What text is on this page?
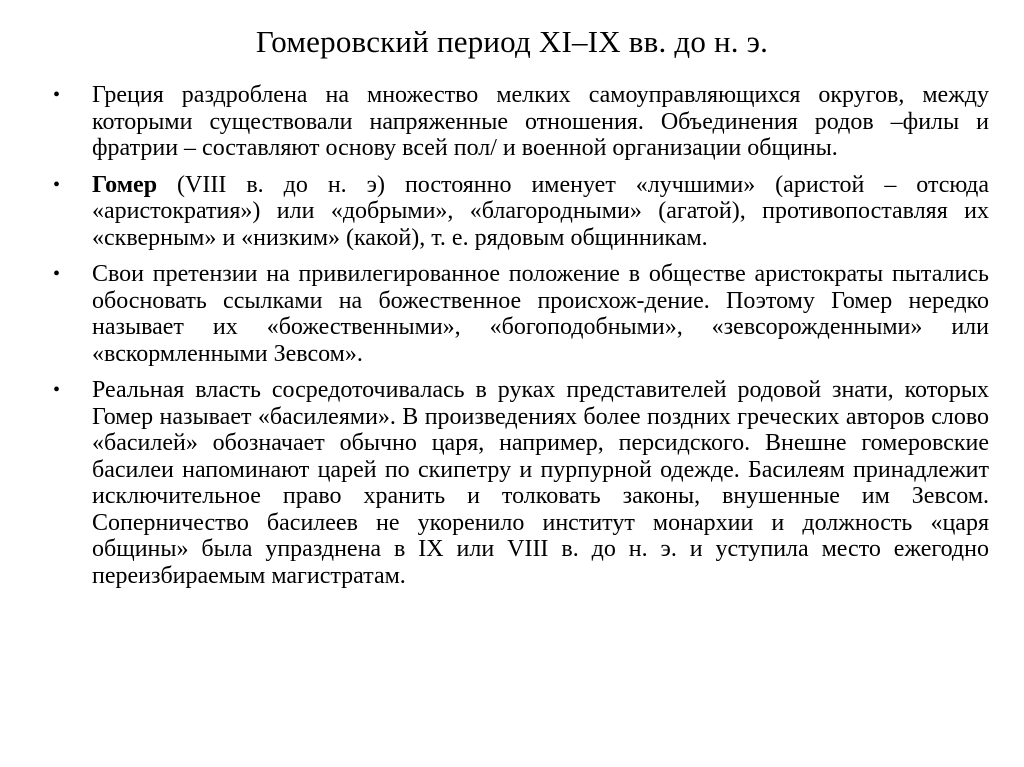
Гомеровский период XI–IX вв. до н. э.
• Греция раздроблена на множество мелких самоуправляющихся округов, между которыми существовали напряженные отношения. Объединения родов –филы и фратрии – составляют основу всей пол/ и военной организации общины.
• Гомер (VIII в. до н. э) постоянно именует «лучшими» (аристой – отсюда «аристократия») или «добрыми», «благородными» (агатой), противопоставляя их «скверным» и «низким» (какой), т. е. рядовым общинникам.
• Свои претензии на привилегированное положение в обществе аристократы пытались обосновать ссылками на божественное происхож-дение. Поэтому Гомер нередко называет их «божественными», «богоподобными», «зевсорожденными» или «вскормленными Зевсом».
• Реальная власть сосредоточивалась в руках представителей родовой знати, которых Гомер называет «басилеями». В произведениях более поздних греческих авторов слово «басилей» обозначает обычно царя, например, персидского. Внешне гомеровские басилеи напоминают царей по скипетру и пурпурной одежде. Басилеям принадлежит исключительное право хранить и толковать законы, внушенные им Зевсом. Соперничество басилеев не укоренило институт монархии и должность «царя общины» была упразднена в IX или VIII в. до н. э. и уступила место ежегодно переизбираемым магистратам.
